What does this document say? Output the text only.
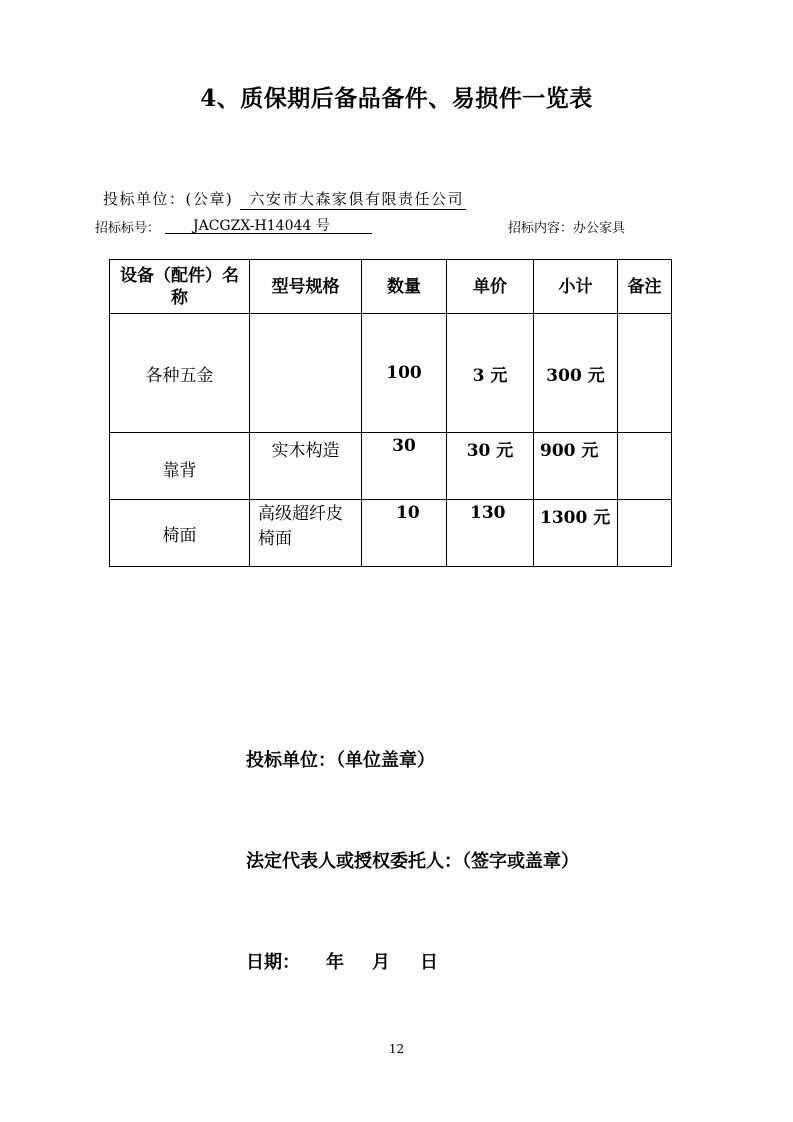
4、质保期后备品备件、易损件一览表
投标单位：(公章) 六安市大森家俱有限责任公司
招标标号：	JACGZX-H14044 号	招标内容：办公家具
设备（配件）名称	型号规格	数量	单价	小计	备注
各种五金		100	3 元	300 元	
靠背	实木构造	30	30 元	900 元	
椅面	高级超纤皮椅面	10	130	1300 元	
投标单位：（单位盖章）
法定代表人或授权委托人：（签字或盖章）
日期： 年 月 日
12
